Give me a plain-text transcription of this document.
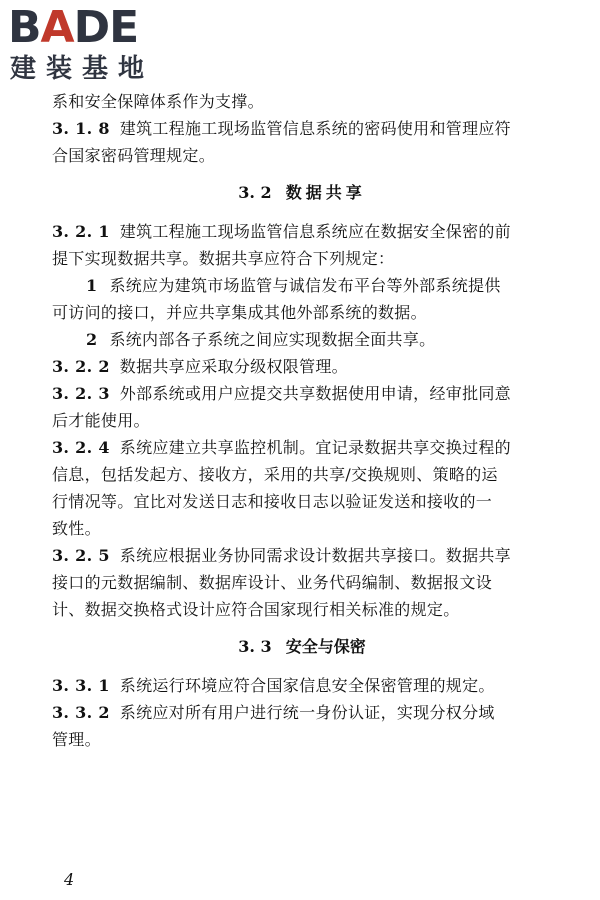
BADE
建装基地
系和安全保障体系作为支撑。
3. 1. 8 建筑工程施工现场监管信息系统的密码使用和管理应符
合国家密码管理规定。
3. 2 数据共享
3. 2. 1 建筑工程施工现场监管信息系统应在数据安全保密的前
提下实现数据共享。数据共享应符合下列规定：
1 系统应为建筑市场监管与诚信发布平台等外部系统提供
可访问的接口，并应共享集成其他外部系统的数据。
2 系统内部各子系统之间应实现数据全面共享。
3. 2. 2 数据共享应采取分级权限管理。
3. 2. 3 外部系统或用户应提交共享数据使用申请，经审批同意
后才能使用。
3. 2. 4 系统应建立共享监控机制。宜记录数据共享交换过程的
信息，包括发起方、接收方，采用的共享/交换规则、策略的运
行情况等。宜比对发送日志和接收日志以验证发送和接收的一
致性。
3. 2. 5 系统应根据业务协同需求设计数据共享接口。数据共享
接口的元数据编制、数据库设计、业务代码编制、数据报文设
计、数据交换格式设计应符合国家现行相关标准的规定。
3. 3 安全与保密
3. 3. 1 系统运行环境应符合国家信息安全保密管理的规定。
3. 3. 2 系统应对所有用户进行统一身份认证，实现分权分域
管理。
4
